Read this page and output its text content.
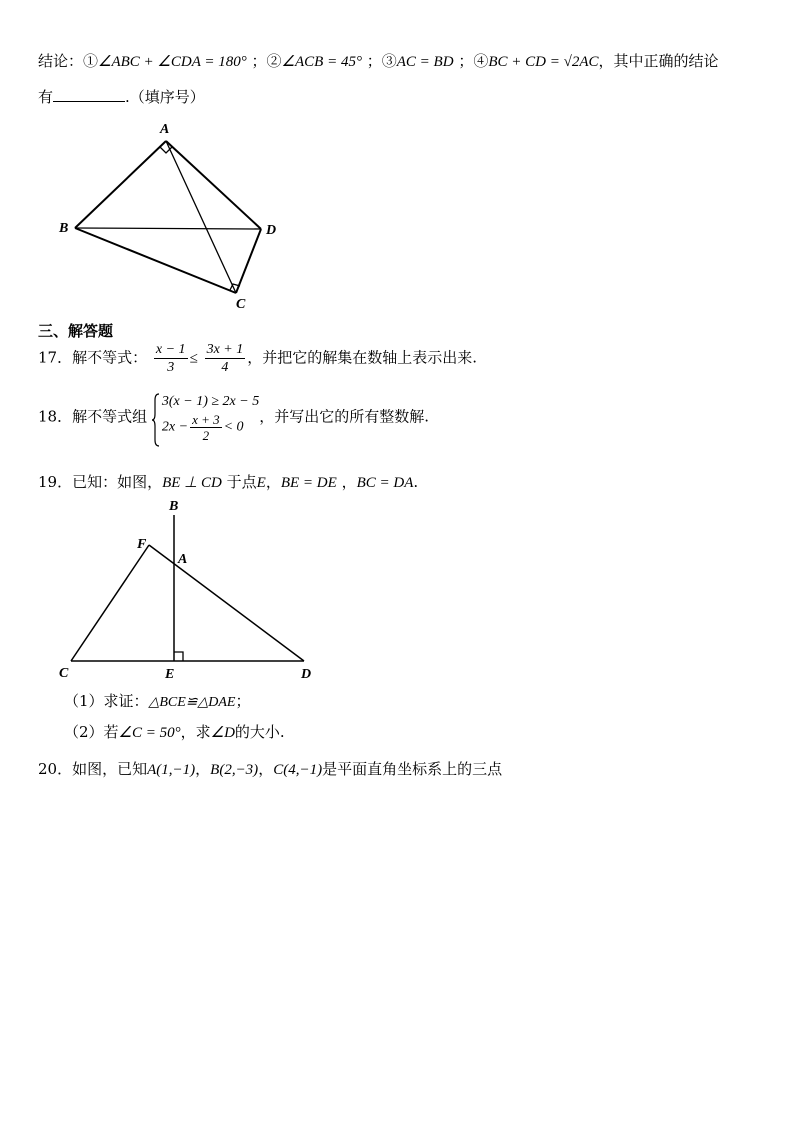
结论：①∠ABC + ∠CDA = 180° ；②∠ACB = 45° ；③AC = BD ；④BC + CD = √2AC，其中正确的结论
有	.（填序号）
A
B
C
D
三、解答题
17．解不等式： $\frac{x - 1}{3} \le \frac{3x + 1}{4}$ ，并把它的解集在数轴上表示出来.
18．解不等式组
3(x − 1) ≥ 2x − 5
$2x - \frac{x + 3}{2} < 0$
，并写出它的所有整数解.
19．已知：如图，BE ⊥ CD 于点E，BE = DE ，BC = DA.
B
F
A
C	E	D
（1）求证：△BCE≌△DAE；
（2）若∠C = 50°，求∠D的大小.
20．如图，已知A(1,−1)，B(2,−3)，C(4,−1)是平面直角坐标系上的三点
